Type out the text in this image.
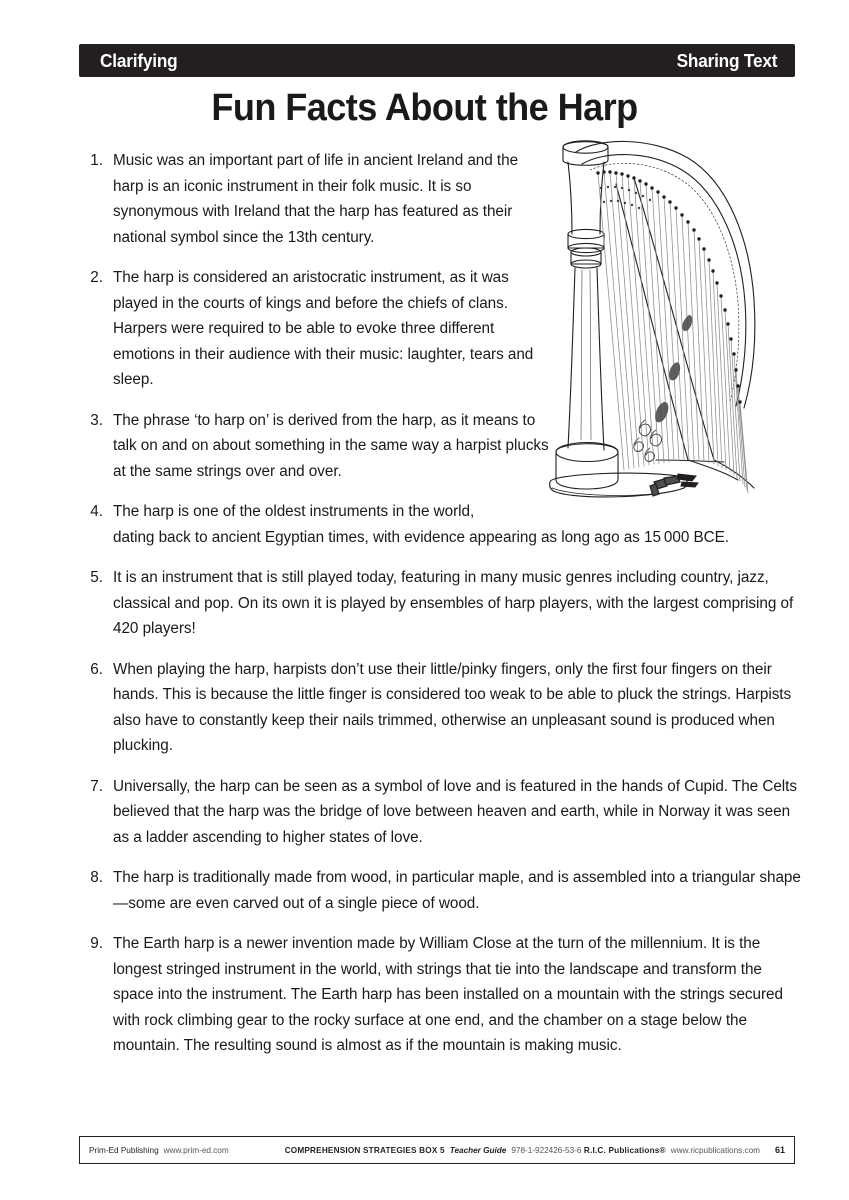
Clarifying	Sharing Text
Fun Facts About the Harp
1. Music was an important part of life in ancient Ireland and the harp is an iconic instrument in their folk music. It is so synonymous with Ireland that the harp has featured as their national symbol since the 13th century.
2. The harp is considered an aristocratic instrument, as it was played in the courts of kings and before the chiefs of clans. Harpers were required to be able to evoke three different emotions in their audience with their music: laughter, tears and sleep.
3. The phrase ‘to harp on’ is derived from the harp, as it means to talk on and on about something in the same way a harpist plucks at the same strings over and over.
4. The harp is one of the oldest instruments in the world,
dating back to ancient Egyptian times, with evidence appearing as long ago as 15 000 BCE.
5. It is an instrument that is still played today, featuring in many music genres including country, jazz, classical and pop. On its own it is played by ensembles of harp players, with the largest comprising of 420 players!
6. When playing the harp, harpists don’t use their little/pinky fingers, only the first four fingers on their hands. This is because the little finger is considered too weak to be able to pluck the strings. Harpists also have to constantly keep their nails trimmed, otherwise an unpleasant sound is produced when plucking.
7. Universally, the harp can be seen as a symbol of love and is featured in the hands of Cupid. The Celts believed that the harp was the bridge of love between heaven and earth, while in Norway it was seen as a ladder ascending to higher states of love.
8. The harp is traditionally made from wood, in particular maple, and is assembled into a triangular shape—some are even carved out of a single piece of wood.
9. The Earth harp is a newer invention made by William Close at the turn of the millennium. It is the longest stringed instrument in the world, with strings that tie into the landscape and transform the space into the instrument. The Earth harp has been installed on a mountain with the strings secured with rock climbing gear to the rocky surface at one end, and the chamber on a stage below the mountain. The resulting sound is almost as if the mountain is making music.
Prim-Ed Publishing www.prim-ed.com	COMPREHENSION STRATEGIES BOX 5 Teacher Guide 978-1-922426-53-6 R.I.C. Publications® www.ricpublications.com 61
